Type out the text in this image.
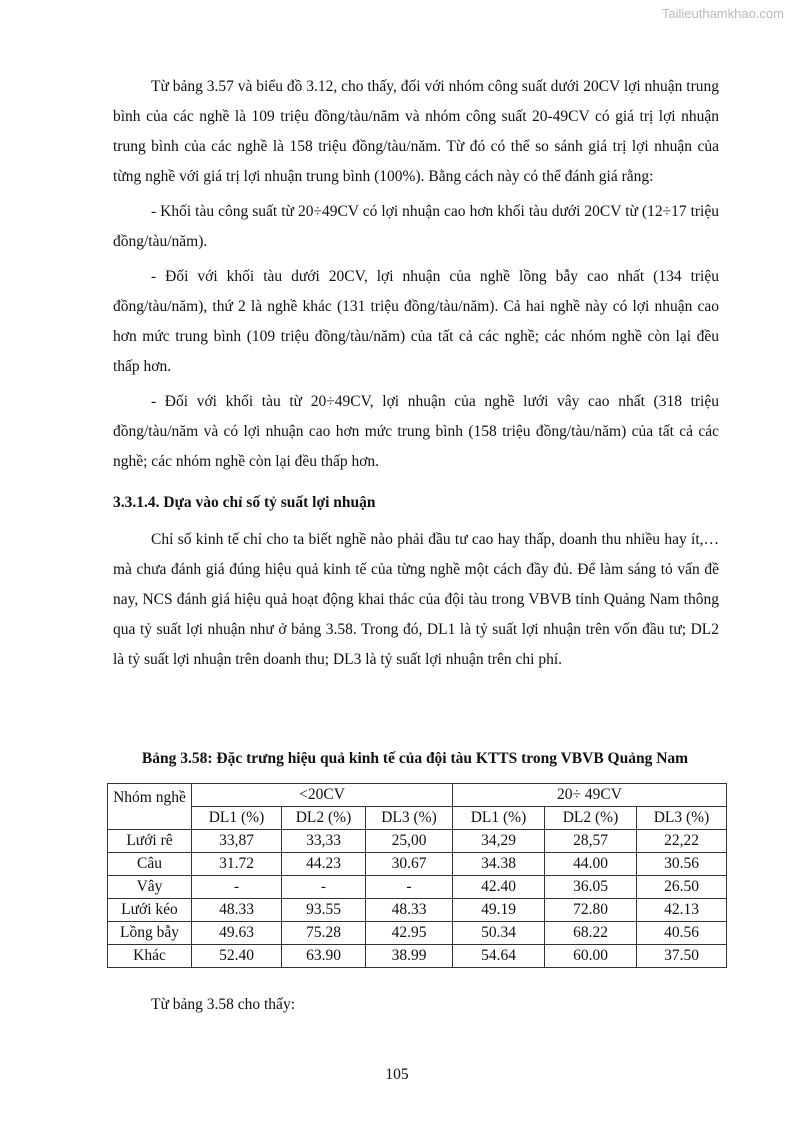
Tailieuthamkhao.com

Từ bảng 3.57 và biểu đồ 3.12, cho thấy, đối với nhóm công suất dưới 20CV lợi nhuận trung bình của các nghề là 109 triệu đồng/tàu/năm và nhóm công suất 20-49CV có giá trị lợi nhuận trung bình của các nghề là 158 triệu đồng/tàu/năm. Từ đó có thể so sánh giá trị lợi nhuận của từng nghề với giá trị lợi nhuận trung bình (100%). Bằng cách này có thể đánh giá rằng:

- Khối tàu công suất từ 20÷49CV có lợi nhuận cao hơn khối tàu dưới 20CV từ (12÷17 triệu đồng/tàu/năm).

- Đối với khối tàu dưới 20CV, lợi nhuận của nghề lồng bẫy cao nhất (134 triệu đồng/tàu/năm), thứ 2 là nghề khác (131 triệu đồng/tàu/năm). Cả hai nghề này có lợi nhuận cao hơn mức trung bình (109 triệu đồng/tàu/năm) của tất cả các nghề; các nhóm nghề còn lại đều thấp hơn.

- Đối với khối tàu từ 20÷49CV, lợi nhuận của nghề lưới vây cao nhất (318 triệu đồng/tàu/năm và có lợi nhuận cao hơn mức trung bình (158 triệu đồng/tàu/năm) của tất cả các nghề; các nhóm nghề còn lại đều thấp hơn.

3.3.1.4. Dựa vào chỉ số tỷ suất lợi nhuận

Chỉ số kinh tế chỉ cho ta biết nghề nào phải đầu tư cao hay thấp, doanh thu nhiều hay ít,… mà chưa đánh giá đúng hiệu quả kinh tế của từng nghề một cách đầy đủ. Để làm sáng tỏ vấn đề nay, NCS đánh giá hiệu quả hoạt động khai thác của đội tàu trong VBVB tỉnh Quảng Nam thông qua tỷ suất lợi nhuận như ở bảng 3.58. Trong đó, DL1 là tỷ suất lợi nhuận trên vốn đầu tư; DL2 là tỷ suất lợi nhuận trên doanh thu; DL3 là tỷ suất lợi nhuận trên chi phí.

Bảng 3.58: Đặc trưng hiệu quả kinh tế của đội tàu KTTS trong VBVB Quảng Nam
Nhóm nghề	<20CV			20÷ 49CV		
	DL1 (%)	DL2 (%)	DL3 (%)	DL1 (%)	DL2 (%)	DL3 (%)
Lưới rê	33,87	33,33	25,00	34,29	28,57	22,22
Câu	31.72	44.23	30.67	34.38	44.00	30.56
Vây	-	-	-	42.40	36.05	26.50
Lưới kéo	48.33	93.55	48.33	49.19	72.80	42.13
Lồng bẫy	49.63	75.28	42.95	50.34	68.22	40.56
Khác	52.40	63.90	38.99	54.64	60.00	37.50
Từ bảng 3.58 cho thấy:
105
